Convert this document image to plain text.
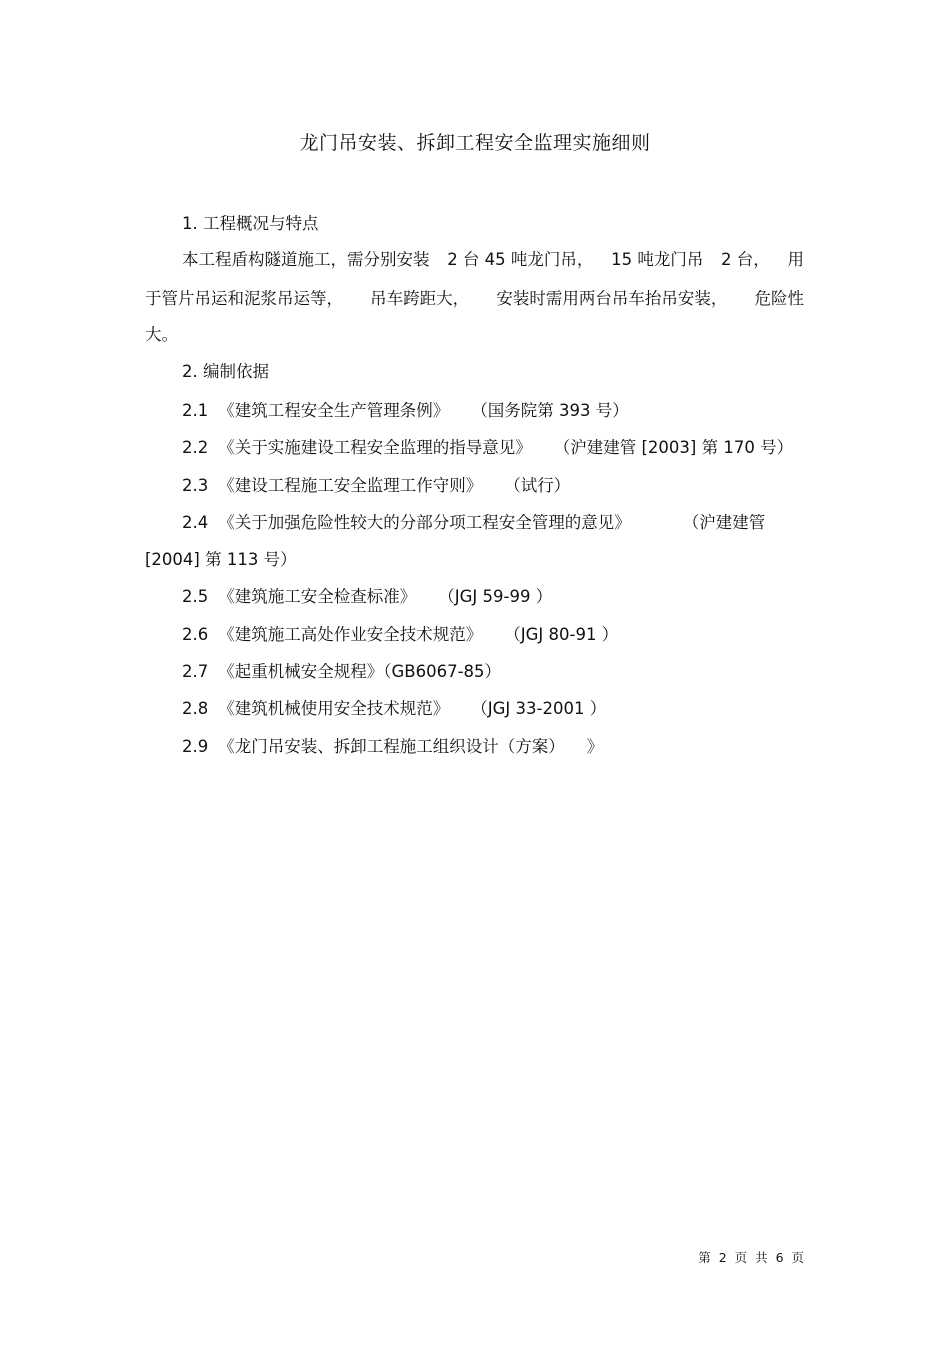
龙门吊安装、拆卸工程安全监理实施细则
1. 工程概况与特点
本工程盾构隧道施工，需分别安装 2 台 45 吨龙门吊， 15 吨龙门吊 2 台， 用
于管片吊运和泥浆吊运等， 吊车跨距大， 安装时需用两台吊车抬吊安装， 危险性
大。
2. 编制依据
2.1 《建筑工程安全生产管理条例》 （国务院第 393 号）
2.2 《关于实施建设工程安全监理的指导意见》 （沪建建管 [2003] 第 170 号）
2.3 《建设工程施工安全监理工作守则》 （试行）
2.4 《关于加强危险性较大的分部分项工程安全管理的意见》	（沪建建管
[2004] 第 113 号）
2.5 《建筑施工安全检查标准》 （JGJ 59-99 ）
2.6 《建筑施工高处作业安全技术规范》 （JGJ 80-91 ）
2.7 《起重机械安全规程》（GB6067-85）
2.8 《建筑机械使用安全技术规范》 （JGJ 33-2001 ）
2.9 《龙门吊安装、拆卸工程施工组织设计（方案） 》
第 2 页 共 6 页
